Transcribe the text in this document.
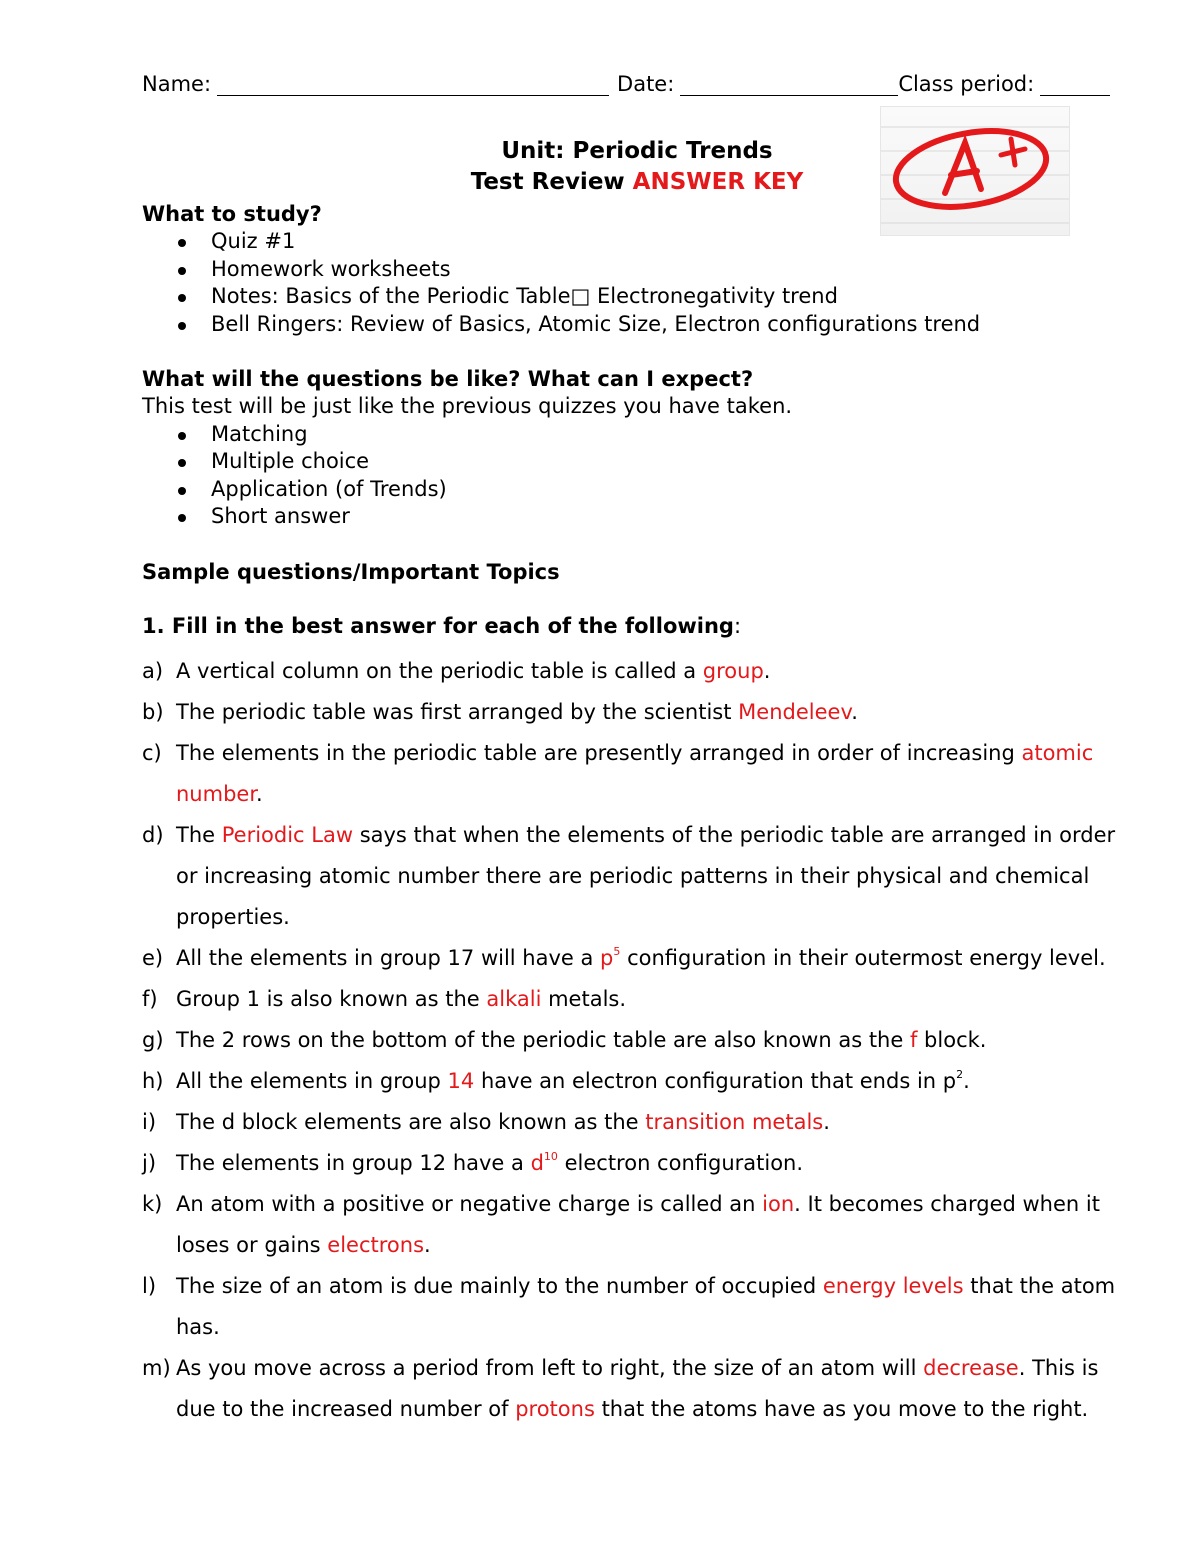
Name:	Date:	Class period:
Unit: Periodic Trends
Test Review ANSWER KEY
What to study?
Quiz #1
Homework worksheets
Notes: Basics of the Periodic Table□ Electronegativity trend
Bell Ringers: Review of Basics, Atomic Size, Electron configurations trend
What will the questions be like? What can I expect?
This test will be just like the previous quizzes you have taken.
Matching
Multiple choice
Application (of Trends)
Short answer
Sample questions/Important Topics
1. Fill in the best answer for each of the following:
a) A vertical column on the periodic table is called a group.
b) The periodic table was first arranged by the scientist Mendeleev.
c) The elements in the periodic table are presently arranged in order of increasing atomic number.
d) The Periodic Law says that when the elements of the periodic table are arranged in order or increasing atomic number there are periodic patterns in their physical and chemical properties.
e) All the elements in group 17 will have a $p^5$ configuration in their outermost energy level.
f) Group 1 is also known as the alkali metals.
g) The 2 rows on the bottom of the periodic table are also known as the f block.
h) All the elements in group 14 have an electron configuration that ends in $p^2$.
i) The d block elements are also known as the transition metals.
j) The elements in group 12 have a $d^{10}$ electron configuration.
k) An atom with a positive or negative charge is called an ion. It becomes charged when it loses or gains electrons.
l) The size of an atom is due mainly to the number of occupied energy levels that the atom has.
m) As you move across a period from left to right, the size of an atom will decrease. This is due to the increased number of protons that the atoms have as you move to the right.
